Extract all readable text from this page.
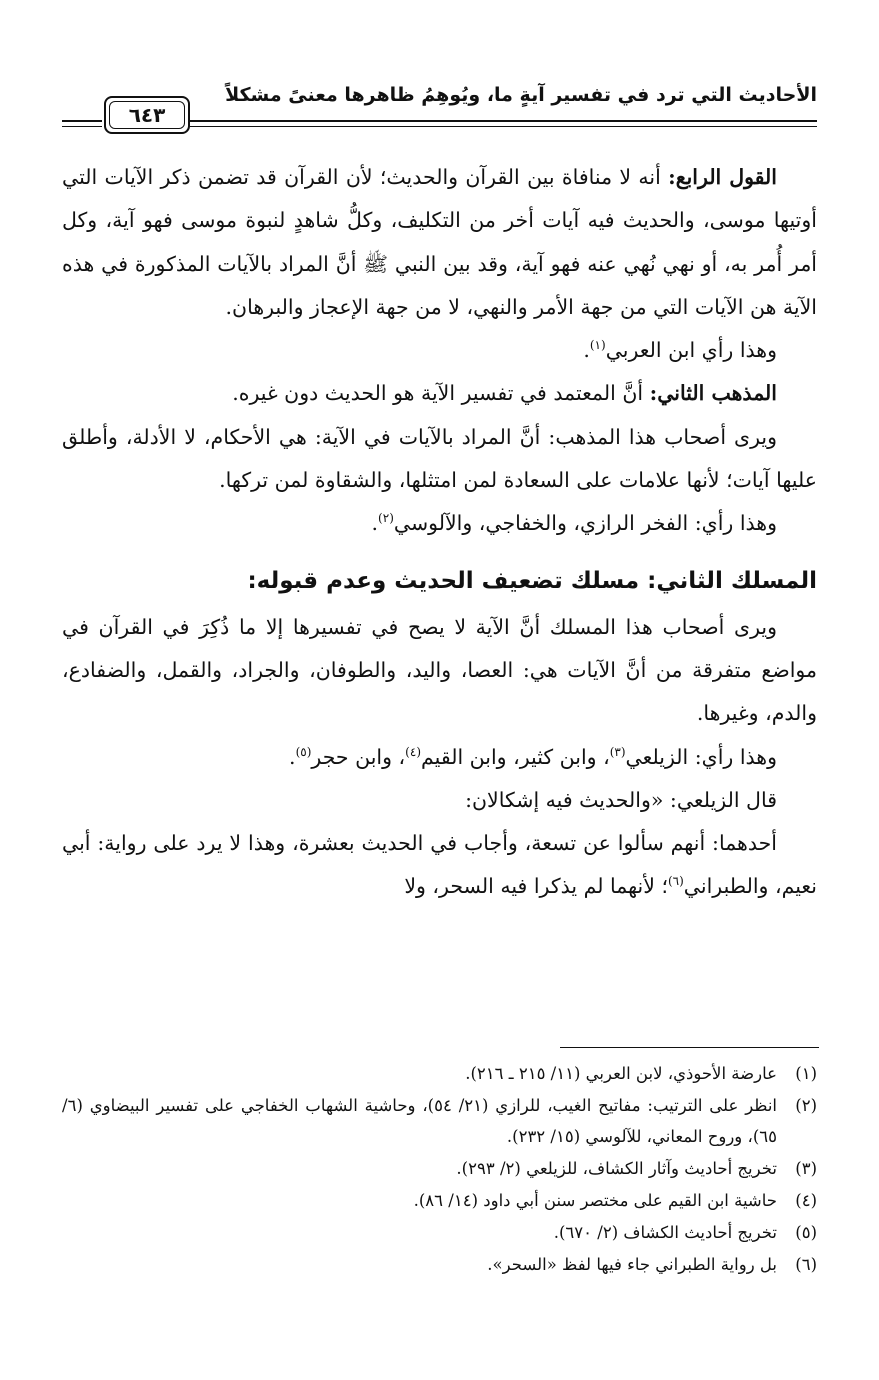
الأحاديث التي ترد في تفسير آيةٍ ما، ويُوهِمُ ظاهرها معنىً مشكلاً
٦٤٣

القول الرابع: أنه لا منافاة بين القرآن والحديث؛ لأن القرآن قد تضمن ذكر الآيات التي أوتيها موسى، والحديث فيه آيات أخر من التكليف، وكلُّ شاهدٍ لنبوة موسى فهو آية، وكل أمر أُمر به، أو نهي نُهي عنه فهو آية، وقد بين النبي ﷺ أنَّ المراد بالآيات المذكورة في هذه الآية هن الآيات التي من جهة الأمر والنهي، لا من جهة الإعجاز والبرهان.

وهذا رأي ابن العربي$^{(١)}$.

المذهب الثاني: أنَّ المعتمد في تفسير الآية هو الحديث دون غيره.

ويرى أصحاب هذا المذهب: أنَّ المراد بالآيات في الآية: هي الأحكام، لا الأدلة، وأطلق عليها آيات؛ لأنها علامات على السعادة لمن امتثلها، والشقاوة لمن تركها.

وهذا رأي: الفخر الرازي، والخفاجي، والآلوسي$^{(٢)}$.

المسلك الثاني: مسلك تضعيف الحديث وعدم قبوله:

ويرى أصحاب هذا المسلك أنَّ الآية لا يصح في تفسيرها إلا ما ذُكِرَ في القرآن في مواضع متفرقة من أنَّ الآيات هي: العصا، واليد، والطوفان، والجراد، والقمل، والضفادع، والدم، وغيرها.

وهذا رأي: الزيلعي$^{(٣)}$، وابن كثير، وابن القيم$^{(٤)}$، وابن حجر$^{(٥)}$.

قال الزيلعي: «والحديث فيه إشكالان:

أحدهما: أنهم سألوا عن تسعة، وأجاب في الحديث بعشرة، وهذا لا يرد على رواية: أبي نعيم، والطبراني$^{(٦)}$؛ لأنهما لم يذكرا فيه السحر، ولا

(١)
عارضة الأحوذي، لابن العربي (١١/ ٢١٥ ـ ٢١٦).
(٢)
انظر على الترتيب: مفاتيح الغيب، للرازي (٢١/ ٥٤)، وحاشية الشهاب الخفاجي على تفسير البيضاوي (٦/ ٦٥)، وروح المعاني، للآلوسي (١٥/ ٢٣٢).
(٣)
تخريج أحاديث وآثار الكشاف، للزيلعي (٢/ ٢٩٣).
(٤)
حاشية ابن القيم على مختصر سنن أبي داود (١٤/ ٨٦).
(٥)
تخريج أحاديث الكشاف (٢/ ٦٧٠).
(٦)
بل رواية الطبراني جاء فيها لفظ «السحر».
